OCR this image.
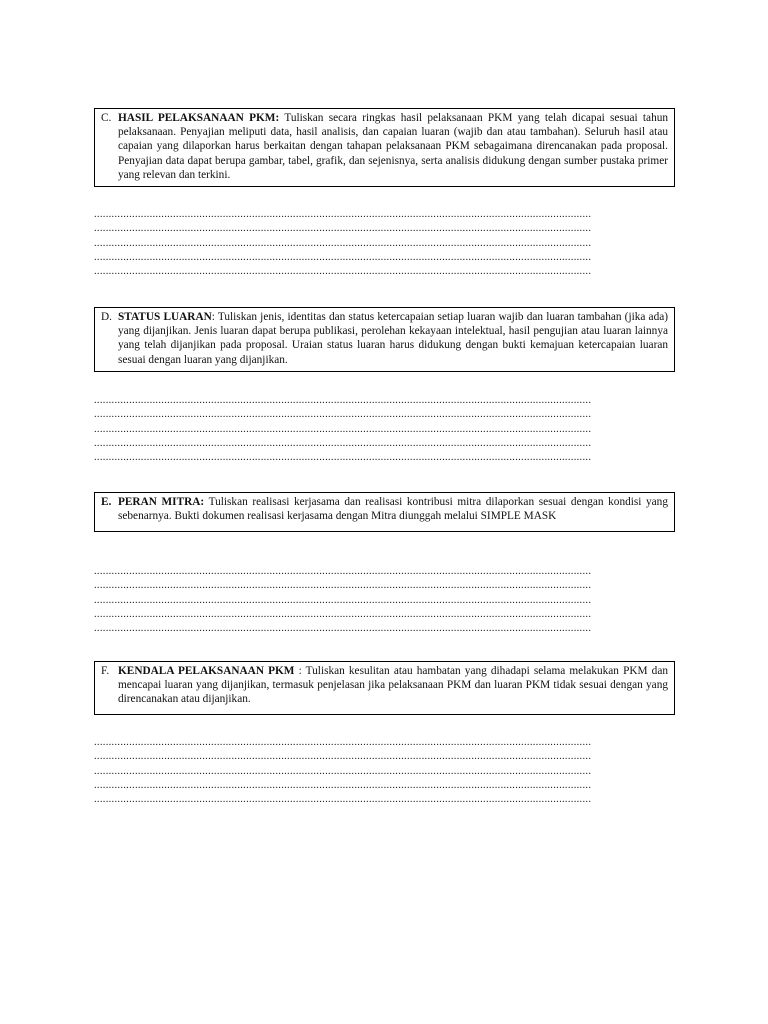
C. HASIL PELAKSANAAN PKM: Tuliskan secara ringkas hasil pelaksanaan PKM yang telah dicapai sesuai tahun pelaksanaan. Penyajian meliputi data, hasil analisis, dan capaian luaran (wajib dan atau tambahan). Seluruh hasil atau capaian yang dilaporkan harus berkaitan dengan tahapan pelaksanaan PKM sebagaimana direncanakan pada proposal. Penyajian data dapat berupa gambar, tabel, grafik, dan sejenisnya, serta analisis didukung dengan sumber pustaka primer yang relevan dan terkini.
..........................................................................................................................................................................
..........................................................................................................................................................................
..........................................................................................................................................................................
..........................................................................................................................................................................
..........................................................................................................................................................................
D. STATUS LUARAN: Tuliskan jenis, identitas dan status ketercapaian setiap luaran wajib dan luaran tambahan (jika ada) yang dijanjikan. Jenis luaran dapat berupa publikasi, perolehan kekayaan intelektual, hasil pengujian atau luaran lainnya yang telah dijanjikan pada proposal. Uraian status luaran harus didukung dengan bukti kemajuan ketercapaian luaran sesuai dengan luaran yang dijanjikan.
..........................................................................................................................................................................
..........................................................................................................................................................................
..........................................................................................................................................................................
..........................................................................................................................................................................
..........................................................................................................................................................................
E. PERAN MITRA: Tuliskan realisasi kerjasama dan realisasi kontribusi mitra dilaporkan sesuai dengan kondisi yang sebenarnya. Bukti dokumen realisasi kerjasama dengan Mitra diunggah melalui SIMPLE MASK
..........................................................................................................................................................................
..........................................................................................................................................................................
..........................................................................................................................................................................
..........................................................................................................................................................................
..........................................................................................................................................................................
F. KENDALA PELAKSANAAN PKM : Tuliskan kesulitan atau hambatan yang dihadapi selama melakukan PKM dan mencapai luaran yang dijanjikan, termasuk penjelasan jika pelaksanaan PKM dan luaran PKM tidak sesuai dengan yang direncanakan atau dijanjikan.
..........................................................................................................................................................................
..........................................................................................................................................................................
..........................................................................................................................................................................
..........................................................................................................................................................................
..........................................................................................................................................................................
